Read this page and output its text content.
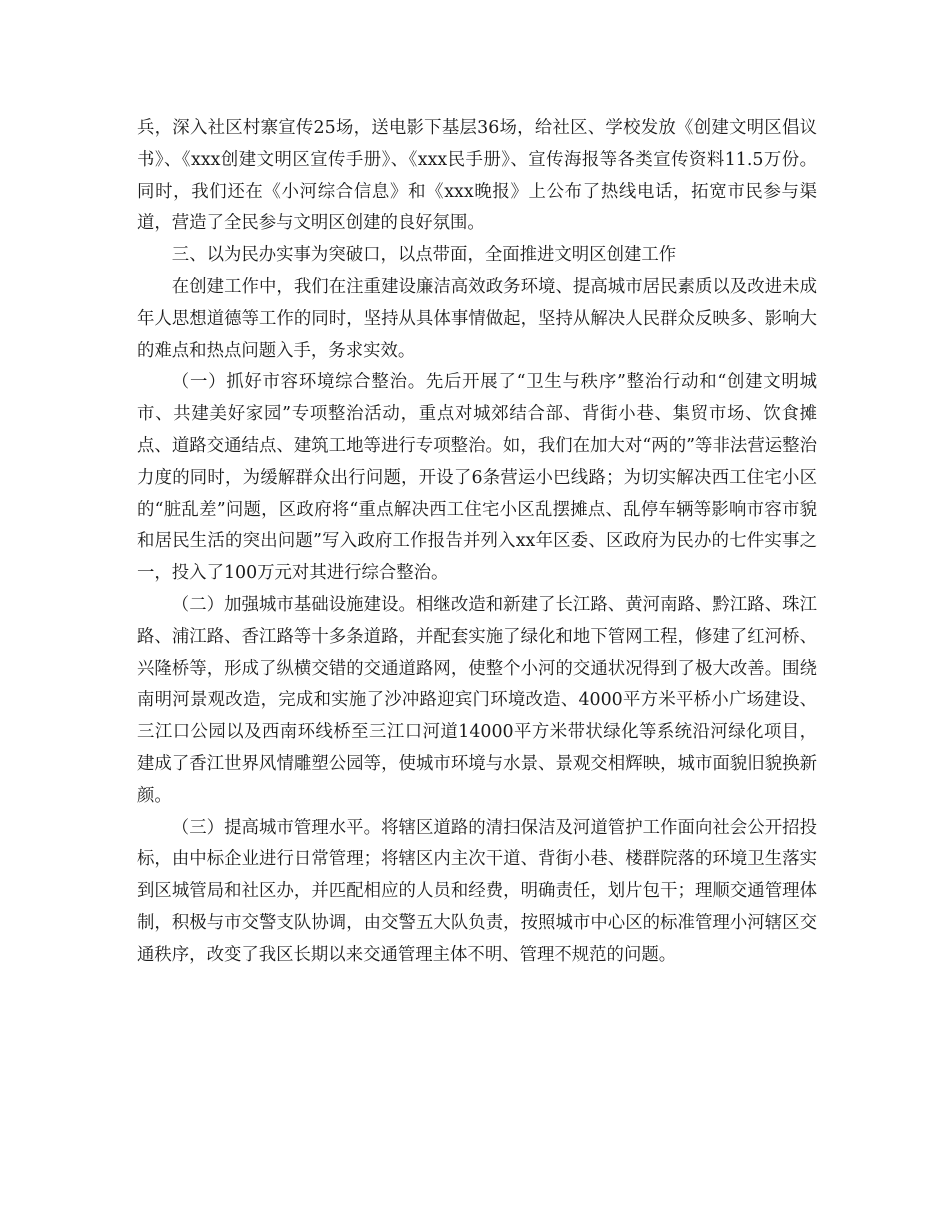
兵，深入社区村寨宣传25场，送电影下基层36场，给社区、学校发放《创建文明区倡议书》、《xxx创建文明区宣传手册》、《xxx民手册》、宣传海报等各类宣传资料11.5万份。同时，我们还在《小河综合信息》和《xxx晚报》上公布了热线电话，拓宽市民参与渠道，营造了全民参与文明区创建的良好氛围。

三、以为民办实事为突破口，以点带面，全面推进文明区创建工作

在创建工作中，我们在注重建设廉洁高效政务环境、提高城市居民素质以及改进未成年人思想道德等工作的同时，坚持从具体事情做起，坚持从解决人民群众反映多、影响大的难点和热点问题入手，务求实效。

（一）抓好市容环境综合整治。先后开展了“卫生与秩序”整治行动和“创建文明城市、共建美好家园”专项整治活动，重点对城郊结合部、背街小巷、集贸市场、饮食摊点、道路交通结点、建筑工地等进行专项整治。如，我们在加大对“两的”等非法营运整治力度的同时，为缓解群众出行问题，开设了6条营运小巴线路；为切实解决西工住宅小区的“脏乱差”问题，区政府将“重点解决西工住宅小区乱摆摊点、乱停车辆等影响市容市貌和居民生活的突出问题”写入政府工作报告并列入xx年区委、区政府为民办的七件实事之一，投入了100万元对其进行综合整治。

（二）加强城市基础设施建设。相继改造和新建了长江路、黄河南路、黔江路、珠江路、浦江路、香江路等十多条道路，并配套实施了绿化和地下管网工程，修建了红河桥、兴隆桥等，形成了纵横交错的交通道路网，使整个小河的交通状况得到了极大改善。围绕南明河景观改造，完成和实施了沙冲路迎宾门环境改造、4000平方米平桥小广场建设、三江口公园以及西南环线桥至三江口河道14000平方米带状绿化等系统沿河绿化项目，建成了香江世界风情雕塑公园等，使城市环境与水景、景观交相辉映，城市面貌旧貌换新颜。

（三）提高城市管理水平。将辖区道路的清扫保洁及河道管护工作面向社会公开招投标，由中标企业进行日常管理；将辖区内主次干道、背街小巷、楼群院落的环境卫生落实到区城管局和社区办，并匹配相应的人员和经费，明确责任，划片包干；理顺交通管理体制，积极与市交警支队协调，由交警五大队负责，按照城市中心区的标准管理小河辖区交通秩序，改变了我区长期以来交通管理主体不明、管理不规范的问题。
